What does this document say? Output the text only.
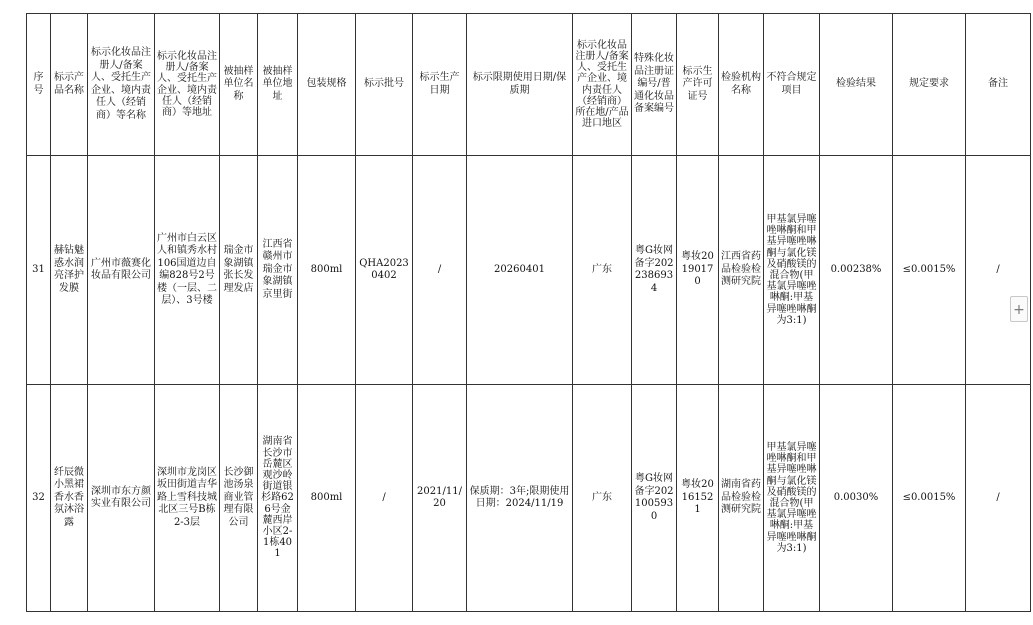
序号	标示产品名称	标示化妆品注册人/备案人、受托生产企业、境内责任人（经销商）等名称	标示化妆品注册人/备案人、受托生产企业、境内责任人（经销商）等地址	被抽样单位名称	被抽样单位地址	包装规格	标示批号	标示生产日期	标示限期使用日期/保质期	标示化妆品注册人/备案人、受托生产企业、境内责任人（经销商）所在地/产品进口地区	特殊化妆品注册证编号/普通化妆品备案编号	标示生产许可证号	检验机构名称	不符合规定项目	检验结果	规定要求	备注
31	赫钻魅惑水润亮泽护发膜	广州市薇赛化妆品有限公司	广州市白云区人和镇秀水村106国道边自编828号2号楼（一层、二层）、3号楼	瑞金市象湖镇张长发理发店	江西省赣州市瑞金市象湖镇京里街	800ml	QHA20230402	/	20260401	广东	粤G妆网备字2022386934	粤妆20190170	江西省药品检验检测研究院	甲基氯异噻唑啉酮和甲基异噻唑啉酮与氯化镁及硝酸镁的混合物(甲基氯异噻唑啉酮:甲基异噻唑啉酮为3:1)	0.00238%	≤0.0015%	/
32	纤辰微小黑裙香水香氛沐浴露	深圳市东方颜实业有限公司	深圳市龙岗区坂田街道吉华路上雪科技城北区三号B栋2-3层	长沙御池汤泉商业管理有限公司	湖南省长沙市岳麓区观沙岭街道银杉路626号金麓西岸小区2-1栋401	800ml	/	2021/11/20	保质期：3年;限期使用日期：2024/11/19	广东	粤G妆网备字2021005930	粤妆20161521	湖南省药品检验检测研究院	甲基氯异噻唑啉酮和甲基异噻唑啉酮与氯化镁及硝酸镁的混合物(甲基氯异噻唑啉酮:甲基异噻唑啉酮为3:1)	0.0030%	≤0.0015%	/
+
